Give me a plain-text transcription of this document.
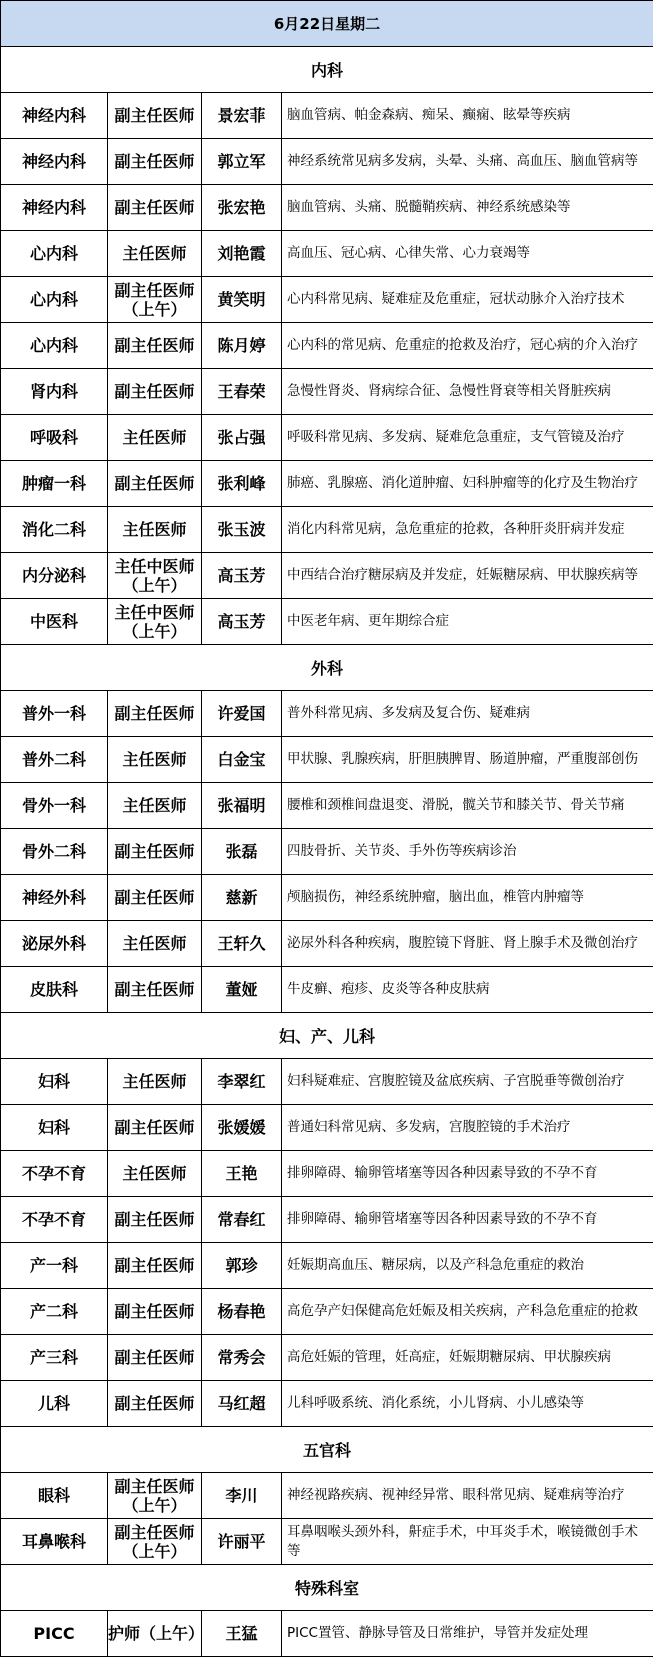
6月22日星期二			
内科			
神经内科	副主任医师	景宏菲	脑血管病、帕金森病、痴呆、癫痫、眩晕等疾病
神经内科	副主任医师	郭立军	神经系统常见病多发病，头晕、头痛、高血压、脑血管病等
神经内科	副主任医师	张宏艳	脑血管病、头痛、脱髓鞘疾病、神经系统感染等
心内科	主任医师	刘艳霞	高血压、冠心病、心律失常、心力衰竭等
心内科	副主任医师（上午）	黄笑明	心内科常见病、疑难症及危重症，冠状动脉介入治疗技术
心内科	副主任医师	陈月婷	心内科的常见病、危重症的抢救及治疗，冠心病的介入治疗
肾内科	副主任医师	王春荣	急慢性肾炎、肾病综合征、急慢性肾衰等相关肾脏疾病
呼吸科	主任医师	张占强	呼吸科常见病、多发病、疑难危急重症，支气管镜及治疗
肿瘤一科	副主任医师	张利峰	肺癌、乳腺癌、消化道肿瘤、妇科肿瘤等的化疗及生物治疗
消化二科	主任医师	张玉波	消化内科常见病，急危重症的抢救，各种肝炎肝病并发症
内分泌科	主任中医师（上午）	高玉芳	中西结合治疗糖尿病及并发症，妊娠糖尿病、甲状腺疾病等
中医科	主任中医师（上午）	高玉芳	中医老年病、更年期综合症
外科			
普外一科	副主任医师	许爱国	普外科常见病、多发病及复合伤、疑难病
普外二科	主任医师	白金宝	甲状腺、乳腺疾病，肝胆胰脾胃、肠道肿瘤，严重腹部创伤
骨外一科	主任医师	张福明	腰椎和颈椎间盘退变、滑脱，髋关节和膝关节、骨关节痛
骨外二科	副主任医师	张磊	四肢骨折、关节炎、手外伤等疾病诊治
神经外科	副主任医师	慈新	颅脑损伤，神经系统肿瘤，脑出血，椎管内肿瘤等
泌尿外科	主任医师	王轩久	泌尿外科各种疾病，腹腔镜下肾脏、肾上腺手术及微创治疗
皮肤科	副主任医师	董娅	牛皮癣、疱疹、皮炎等各种皮肤病
妇、产、儿科			
妇科	主任医师	李翠红	妇科疑难症、宫腹腔镜及盆底疾病、子宫脱垂等微创治疗
妇科	副主任医师	张媛媛	普通妇科常见病、多发病，宫腹腔镜的手术治疗
不孕不育	主任医师	王艳	排卵障碍、输卵管堵塞等因各种因素导致的不孕不育
不孕不育	副主任医师	常春红	排卵障碍、输卵管堵塞等因各种因素导致的不孕不育
产一科	副主任医师	郭珍	妊娠期高血压、糖尿病，以及产科急危重症的救治
产二科	副主任医师	杨春艳	高危孕产妇保健高危妊娠及相关疾病，产科急危重症的抢救
产三科	副主任医师	常秀会	高危妊娠的管理，妊高症，妊娠期糖尿病、甲状腺疾病
儿科	副主任医师	马红超	儿科呼吸系统、消化系统，小儿肾病、小儿感染等
五官科			
眼科	副主任医师（上午）	李川	神经视路疾病、视神经异常、眼科常见病、疑难病等治疗
耳鼻喉科	副主任医师（上午）	许丽平	耳鼻咽喉头颈外科，鼾症手术，中耳炎手术，喉镜微创手术等
特殊科室			
PICC	护师（上午）	王猛	PICC置管、静脉导管及日常维护，导管并发症处理
